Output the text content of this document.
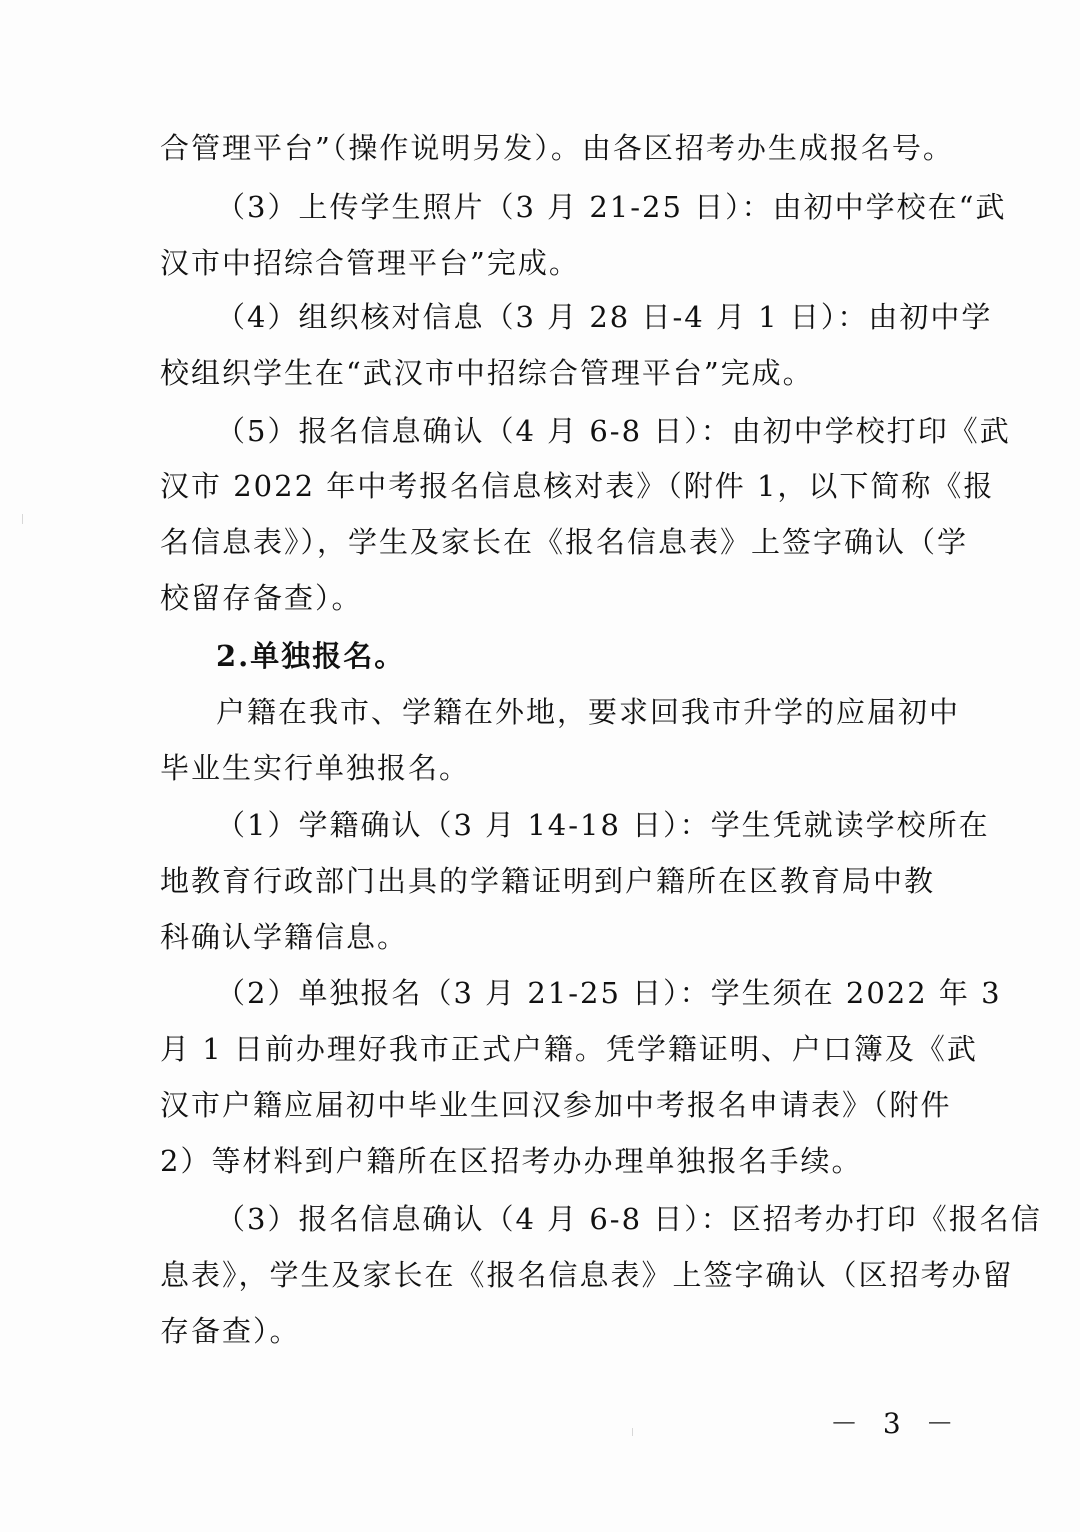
合管理平台”（操作说明另发）。由各区招考办生成报名号。
（3）上传学生照片（3 月 21-25 日）：由初中学校在“武
汉市中招综合管理平台”完成。
（4）组织核对信息（3 月 28 日-4 月 1 日）：由初中学
校组织学生在“武汉市中招综合管理平台”完成。
（5）报名信息确认（4 月 6-8 日）：由初中学校打印《武
汉市 2022 年中考报名信息核对表》（附件 1，以下简称《报
名信息表》），学生及家长在《报名信息表》上签字确认（学
校留存备查）。
2.单独报名。
户籍在我市、学籍在外地，要求回我市升学的应届初中
毕业生实行单独报名。
（1）学籍确认（3 月 14-18 日）：学生凭就读学校所在
地教育行政部门出具的学籍证明到户籍所在区教育局中教
科确认学籍信息。
（2）单独报名（3 月 21-25 日）：学生须在 2022 年 3
月 1 日前办理好我市正式户籍。凭学籍证明、户口簿及《武
汉市户籍应届初中毕业生回汉参加中考报名申请表》（附件
2）等材料到户籍所在区招考办办理单独报名手续。
（3）报名信息确认（4 月 6-8 日）：区招考办打印《报名信
息表》，学生及家长在《报名信息表》上签字确认（区招考办留
存备查）。
－ 3 －
